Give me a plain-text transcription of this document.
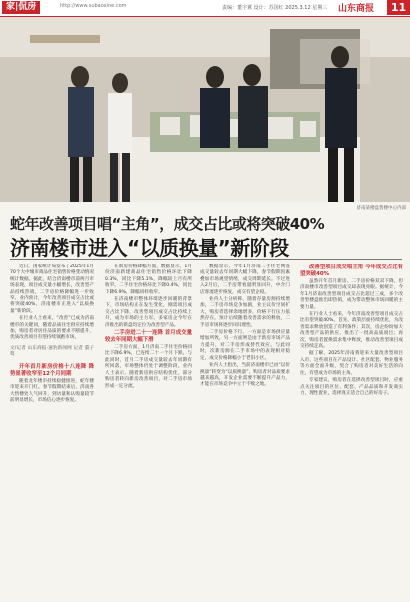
家|侃房	http://www.subaoxine.com	责编：董宇翼 设计：苏国红 2025.3.12 星期三 山东商报	11
济南某楼盘售楼中心内部
蛇年改善项目唱“主角”，成交占比或将突破40%
济南楼市进入“以质换量”新阶段

近日，国家统计局发布了2025年1月70个大中城市商品住宅销售价格变动情况统计数据。据此，结合济南楼市前两月市场表现，项目成交量小幅增长，改善型产品持续热销，二手房价格降幅进一步收窄。业内预计，今年改善项目成交占比或将突破40%，济南楼市正进入“以质换量”新阶段。

在行业人士看来，“改善”已成为济南楼市的关键词，随着品质住宅供应持续增加，购房者对居住品质的要求不断提升，优质改善项目有望持续领跑市场。

文/记者 山东商报·速豹新闻网 记者 董子骜

开年首月新房价格十八连降 降势显著收窄至12个月同期

随着龙年楼市持续稳健推进，蛇年楼市迎来开门红。春节假期结束后，济南各大售楼处人气回升，到访量和认购量较节前明显增长，市场信心逐步恢复。

在新房价格降幅方面，数据显示，1月份济南新建商品住宅销售价格环比下降0.3%，同比下降5.1%，降幅较上月有所收窄。二手住宅价格环比下降0.4%，同比下降6.9%，降幅同样收窄。

在济南楼市整体环境逐步回暖的背景下，市场结构正在发生变化，刚需项目成交占比下降，改善型项目成交占比持续上升，成为市场的主力军。多家房企今年在济推出的新盘均定位为改善型产品。

二手房进二十一连降 首月成交量较去年同期大幅下滑

二手房方面，1月济南二手住宅价格同比下降6.9%，已连续二十一个月下跌。与此同时，首月二手房成交量较去年同期有所回落，市场整体仍处于调整阶段。业内人士表示，随着新房供应结构优化，部分购房者转向新房改善项目，对二手房市场形成一定分流。

数据显示，今年1月济南二手住宅网签成交量较去年同期大幅下降，春节假期因素叠加市场观望情绪，成交周期延长。不过进入2月后，二手房带看量明显回升，中介门店客流逐步恢复，成交有望企稳。

业内人士分析称，随着存量房源持续增加，二手房市场竞争加剧，业主议价空间扩大，购房者选择余地增多，价格下行压力依然存在。预计后续随着改善需求的释放，二手房市场将逐步回归理性。

二手房价格下行，一方面是市场供应量增加所致，另一方面则是由于新房市场产品力提升，对二手房形成替代效应。与此同时，次新房源在二手市场中的表现相对稳定，成交价格降幅小于老旧小区。

业内人士指出，当前济南楼市已由“以价换量”转变为“以质换量”，购房者对品质要求越来越高，开发企业需要不断提升产品力，才能在市场竞争中立于不败之地。

改善型项目成交唱主角 今年成交占比有望突破40%

虽然开年首月新房、二手房价格双双下降，但济南楼市改善型项目成交却表现亮眼。据统计，今年1月济南改善型项目成交占比超过三成，多个改善型楼盘推出即热销，成为带动整体市场回暖的主要力量。

在行业人士看来，今年济南改善型项目成交占比有望突破40%。首先，政策层面持续优化，为改善需求释放创造了有利条件；其次，房企纷纷加大改善型产品的供应，推出了一批高品质项目；再次，购房者置换需求集中释放，推动改善型项目成交持续走高。

据了解，2025年济南将迎来大量改善型项目入市，这些项目在产品设计、社区配套、物业服务等方面全面升级，契合了购房者对美好生活的向往，有望成为市场的主角。

专家建议，购房者在选择改善型项目时，应重点关注项目的区位、配套、产品品质和开发商实力，理性置业，选择真正适合自己的好房子。
